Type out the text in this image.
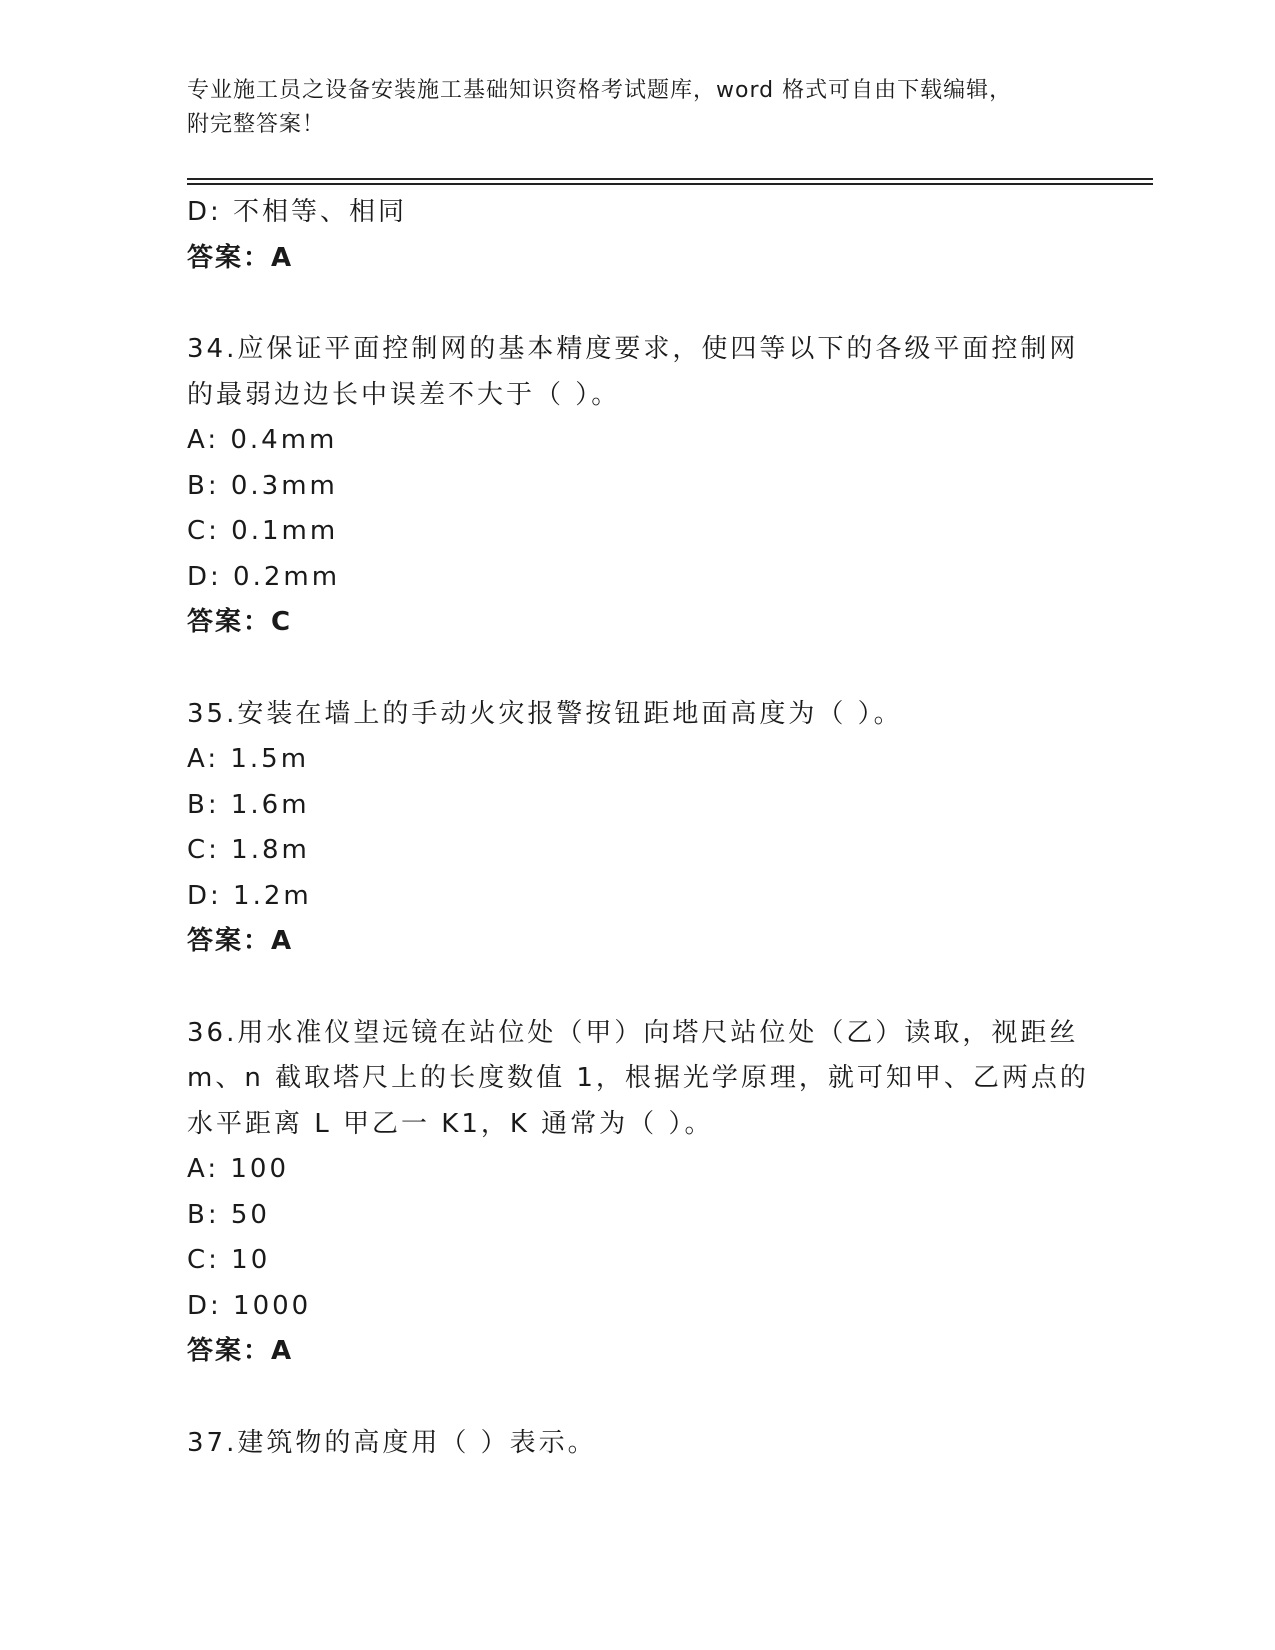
专业施工员之设备安装施工基础知识资格考试题库，word 格式可自由下载编辑，
附完整答案！
D: 不相等、相同
答案：A
34.应保证平面控制网的基本精度要求，使四等以下的各级平面控制网
的最弱边边长中误差不大于（ ）。
A: 0.4mm
B: 0.3mm
C: 0.1mm
D: 0.2mm
答案：C
35.安装在墙上的手动火灾报警按钮距地面高度为（ ）。
A: 1.5m
B: 1.6m
C: 1.8m
D: 1.2m
答案：A
36.用水准仪望远镜在站位处（甲）向塔尺站位处（乙）读取，视距丝
m、n 截取塔尺上的长度数值 1，根据光学原理，就可知甲、乙两点的
水平距离 L 甲乙一 K1，K 通常为（ ）。
A: 100
B: 50
C: 10
D: 1000
答案：A
37.建筑物的高度用（ ）表示。
